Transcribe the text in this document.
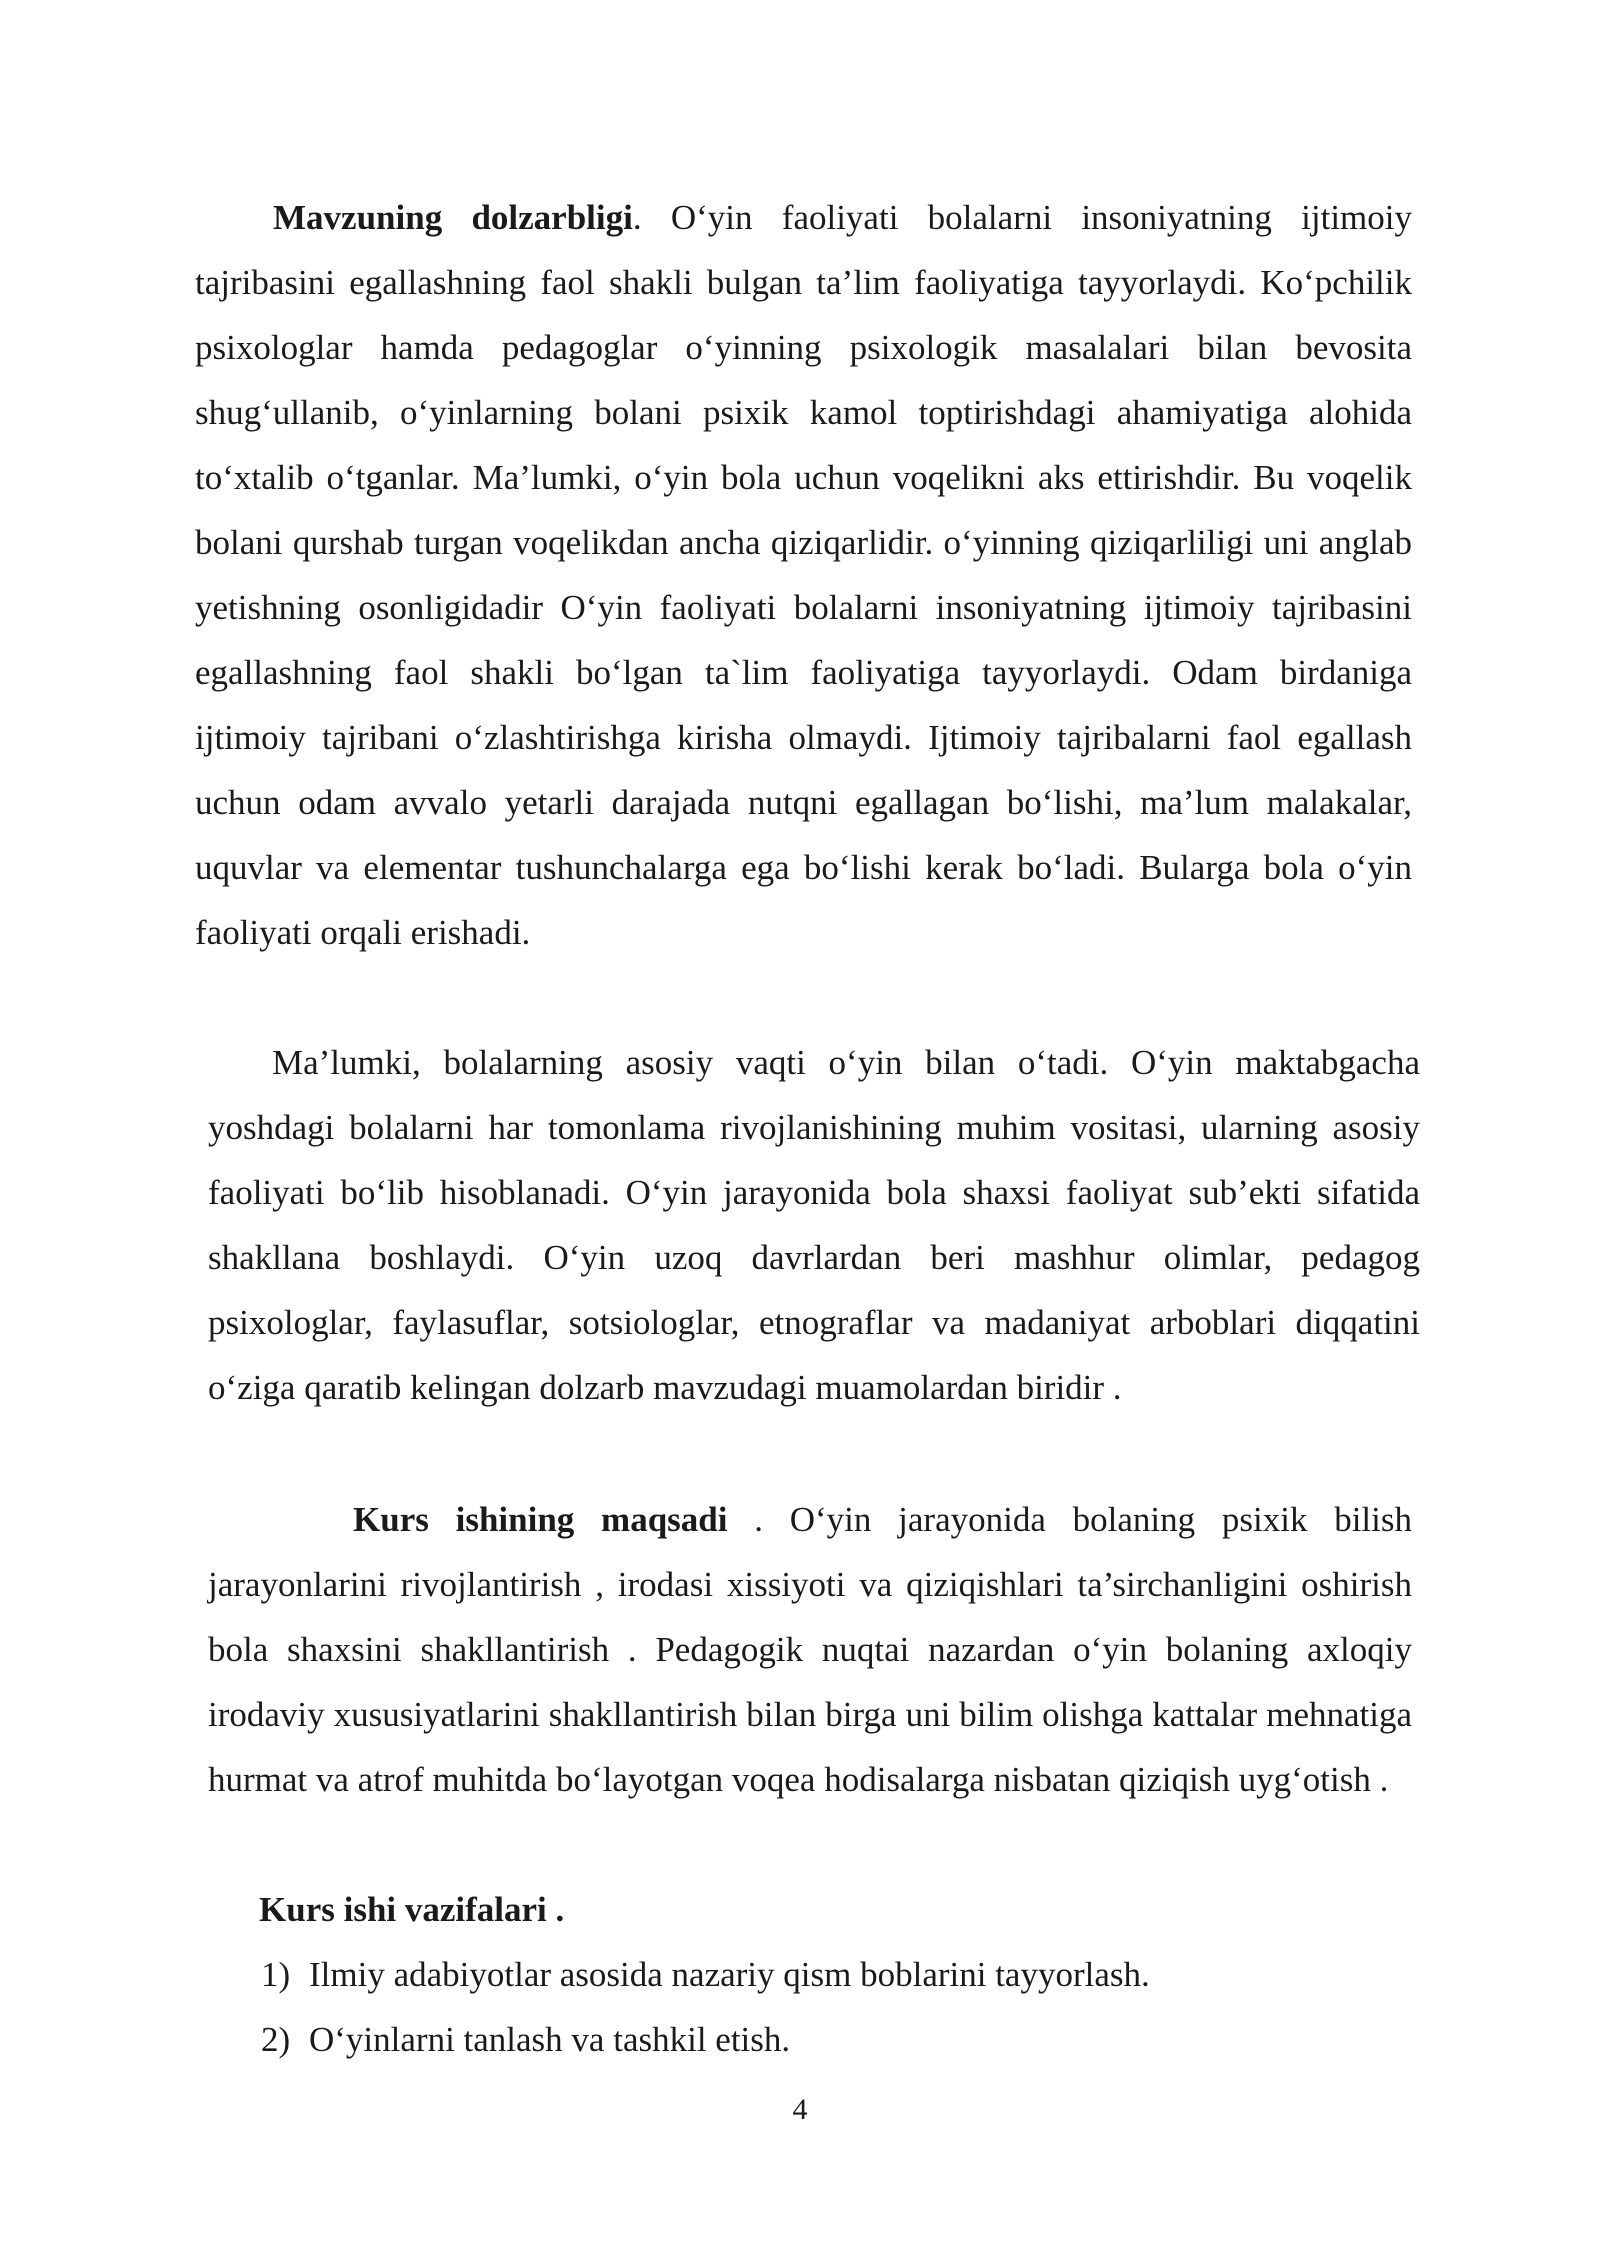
Mavzuning dolzarbligi. O‘yin faoliyati bolalarni insoniyatning ijtimoiy tajribasini egallashning faol shakli bulgan ta’lim faoliyatiga tayyorlaydi. Ko‘pchilik psixologlar hamda pedagoglar o‘yinning psixologik masalalari bilan bevosita shug‘ullanib, o‘yinlarning bolani psixik kamol toptirishdagi ahamiyatiga alohida to‘xtalib o‘tganlar. Ma’lumki, o‘yin bola uchun voqelikni aks ettirishdir. Bu voqelik bolani qurshab turgan voqelikdan ancha qiziqarlidir. o‘yinning qiziqarliligi uni anglab yetishning osonligidadir O‘yin faoliyati bolalarni insoniyatning ijtimoiy tajribasini egallashning faol shakli bo‘lgan ta`lim faoliyatiga tayyorlaydi. Odam birdaniga ijtimoiy tajribani o‘zlashtirishga kirisha olmaydi. Ijtimoiy tajribalarni faol egallash uchun odam avvalo yetarli darajada nutqni egallagan bo‘lishi, ma’lum malakalar, uquvlar va elementar tushunchalarga ega bo‘lishi kerak bo‘ladi. Bularga bola o‘yin faoliyati orqali erishadi.

Ma’lumki, bolalarning asosiy vaqti o‘yin bilan o‘tadi. O‘yin maktabgacha yoshdagi bolalarni har tomonlama rivojlanishining muhim vositasi, ularning asosiy faoliyati bo‘lib hisoblanadi. O‘yin jarayonida bola shaxsi faoliyat sub’ekti sifatida shakllana boshlaydi. O‘yin uzoq davrlardan beri mashhur olimlar, pedagog psixologlar, faylasuflar, sotsiologlar, etnograflar va madaniyat arboblari diqqatini o‘ziga qaratib kelingan dolzarb mavzudagi muamolardan biridir .

Kurs ishining maqsadi . O‘yin jarayonida bolaning psixik bilish jarayonlarini rivojlantirish , irodasi xissiyoti va qiziqishlari ta’sirchanligini oshirish bola shaxsini shakllantirish . Pedagogik nuqtai nazardan o‘yin bolaning axloqiy irodaviy xususiyatlarini shakllantirish bilan birga uni bilim olishga kattalar mehnatiga hurmat va atrof muhitda bo‘layotgan voqea hodisalarga nisbatan qiziqish uyg‘otish .

Kurs ishi vazifalari .

1) Ilmiy adabiyotlar asosida nazariy qism boblarini tayyorlash.

2) O‘yinlarni tanlash va tashkil etish.

4
